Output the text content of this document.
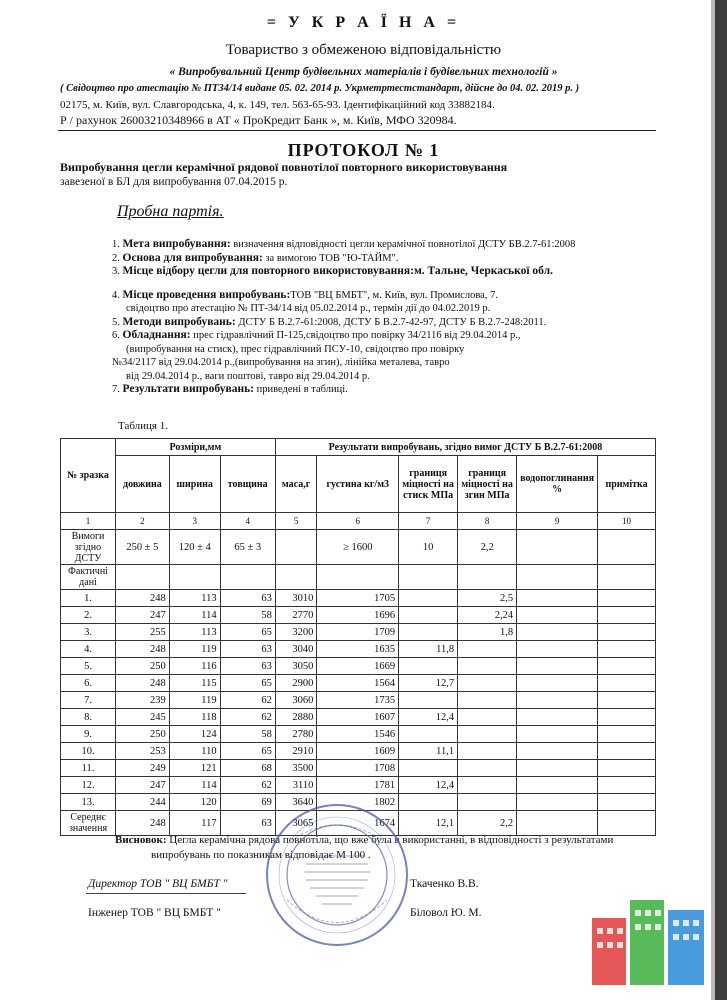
= У К Р А Ї Н А =
Товариство з обмеженою відповідальністю
« Випробувальний Центр будівельних матеріалів і будівельних технологій »
( Свідоцтво про атестацію № ПТ34/14 видане 05. 02. 2014 р. Укрметртестстандарт, дійсне до 04. 02. 2019 р. )
02175, м. Київ, вул. Славгородська, 4, к. 149, тел. 563-65-93. Ідентифікаційний код 33882184.
Р / рахунок 26003210348966 в АТ « ПроКредит Банк », м. Київ, МФО 320984.
ПРОТОКОЛ № 1
Випробування цегли керамічної рядової повнотілої повторного використовування
завезеної в БЛ для випробування 07.04.2015 р.
Пробна партія.
1. Мета випробування: визначення відповідності цегли керамічної повнотілої ДСТУ БВ.2.7-61:2008
2. Основа для випробування: за вимогою ТОВ "Ю-ТАЙМ".
3. Місце відбору цегли для повторного використовування:м. Тальне, Черкаської обл.
4. Місце проведення випробувань:ТОВ "ВЦ БМБТ", м. Київ, вул. Промислова, 7.
свідоцтво про атестацію № ПТ-34/14 від 05.02.2014 р., термін дії до 04.02.2019 р.
5. Методи випробувань: ДСТУ Б В.2.7-61:2008, ДСТУ Б В.2.7-42-97, ДСТУ Б В.2.7-248:2011.
6. Обладнання: прес гідравлічний П-125,свідоцтво про повірку 34/2116 від 29.04.2014 р.,
(випробування на стиск), прес гідравлічний ПСУ-10, свідоцтво про повірку
№34/2117 від 29.04.2014 р.,(випробування на згин), лінійка металева, тавро
від 29.04.2014 р., ваги поштові, тавро від 29.04.2014 р.
7. Результати випробувань: приведені в таблиці.
Таблиця 1.
№ зразка	Розміри,мм			Результати випробувань, згідно вимог ДСТУ Б В.2.7-61:2008					
	довжина	ширина	товщина	маса,г	густина кг/м3	границя міцності на стиск МПа	границя міцності на згин МПа	водопоглинання %	примітка
1	2	3	4	5	6	7	8	9	10
Вимоги згідно ДСТУ	250 ± 5	120 ± 4	65 ± 3		≥ 1600	10	2,2		
Фактичні дані									
1.	248	113	63	3010	1705		2,5		
2.	247	114	58	2770	1696		2,24		
3.	255	113	65	3200	1709		1,8		
4.	248	119	63	3040	1635	11,8			
5.	250	116	63	3050	1669				
6.	248	115	65	2900	1564	12,7			
7.	239	119	62	3060	1735				
8.	245	118	62	2880	1607	12,4			
9.	250	124	58	2780	1546				
10.	253	110	65	2910	1609	11,1			
11.	249	121	68	3500	1708				
12.	247	114	62	3110	1781	12,4			
13.	244	120	69	3640	1802				
Середнє значення	248	117	63	3065	1674	12,1	2,2		
Висновок: Цегла керамічна рядова повнотіла, що вже була в використанні, в відповідності з результатами
випробувань по показникам відповідає М 100 .
Директор ТОВ " ВЦ БМБТ "	Ткаченко В.В.
Інженер ТОВ " ВЦ БМБТ "	Біловол Ю. М.
